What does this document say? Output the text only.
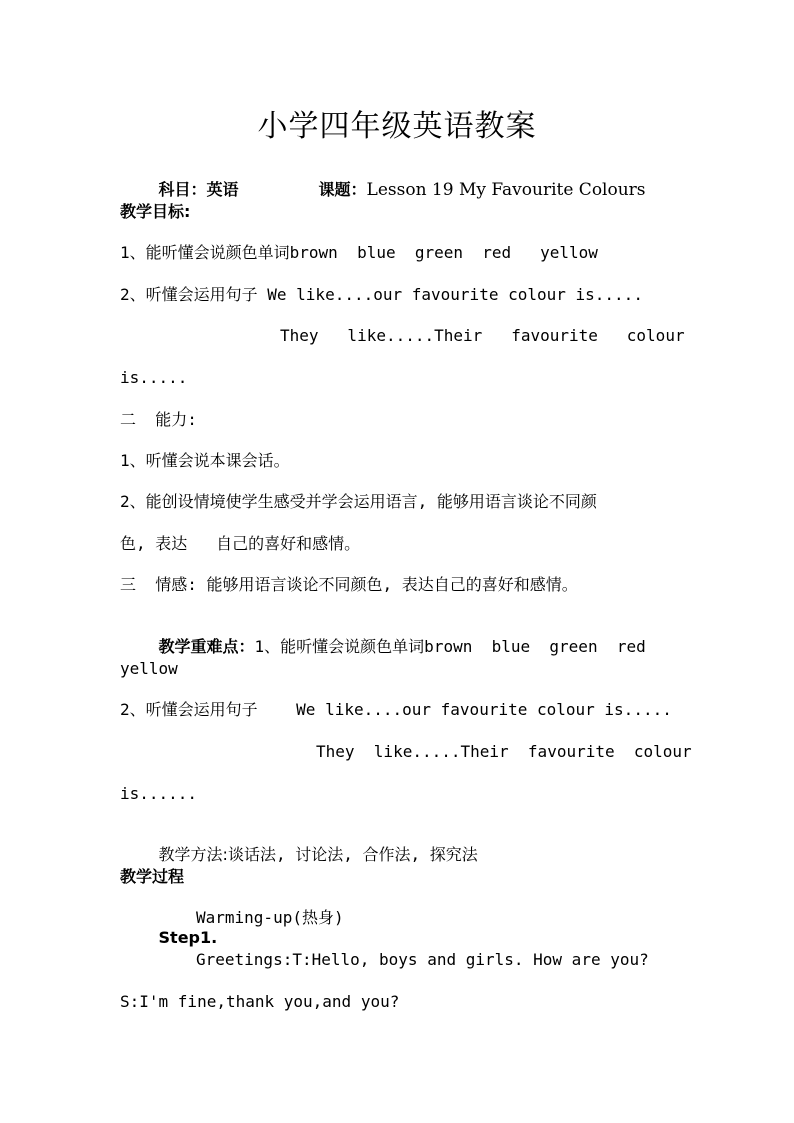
小学四年级英语教案

科目：英语
	课题：Lesson 19 My Favourite Colours

教学目标:
1、能听懂会说颜色单词brown  blue  green  red   yellow
2、听懂会运用句子 We like....our favourite colour is.....
They   like.....Their   favourite   colour
is.....
二  能力:
1、听懂会说本课会话。
2、能创设情境使学生感受并学会运用语言, 能够用语言谈论不同颜
色, 表达   自己的喜好和感情。
三  情感: 能够用语言谈论不同颜色, 表达自己的喜好和感情。

教学重难点：1、能听懂会说颜色单词brown  blue  green  red

yellow
2、听懂会运用句子    We like....our favourite colour is.....
They  like.....Their  favourite  colour
is......

教学方法:谈话法, 讨论法, 合作法, 探究法

教学过程

Step1.

Warming-up(热身)
Greetings:T:Hello, boys and girls. How are you?
S:I'm fine,thank you,and you?
